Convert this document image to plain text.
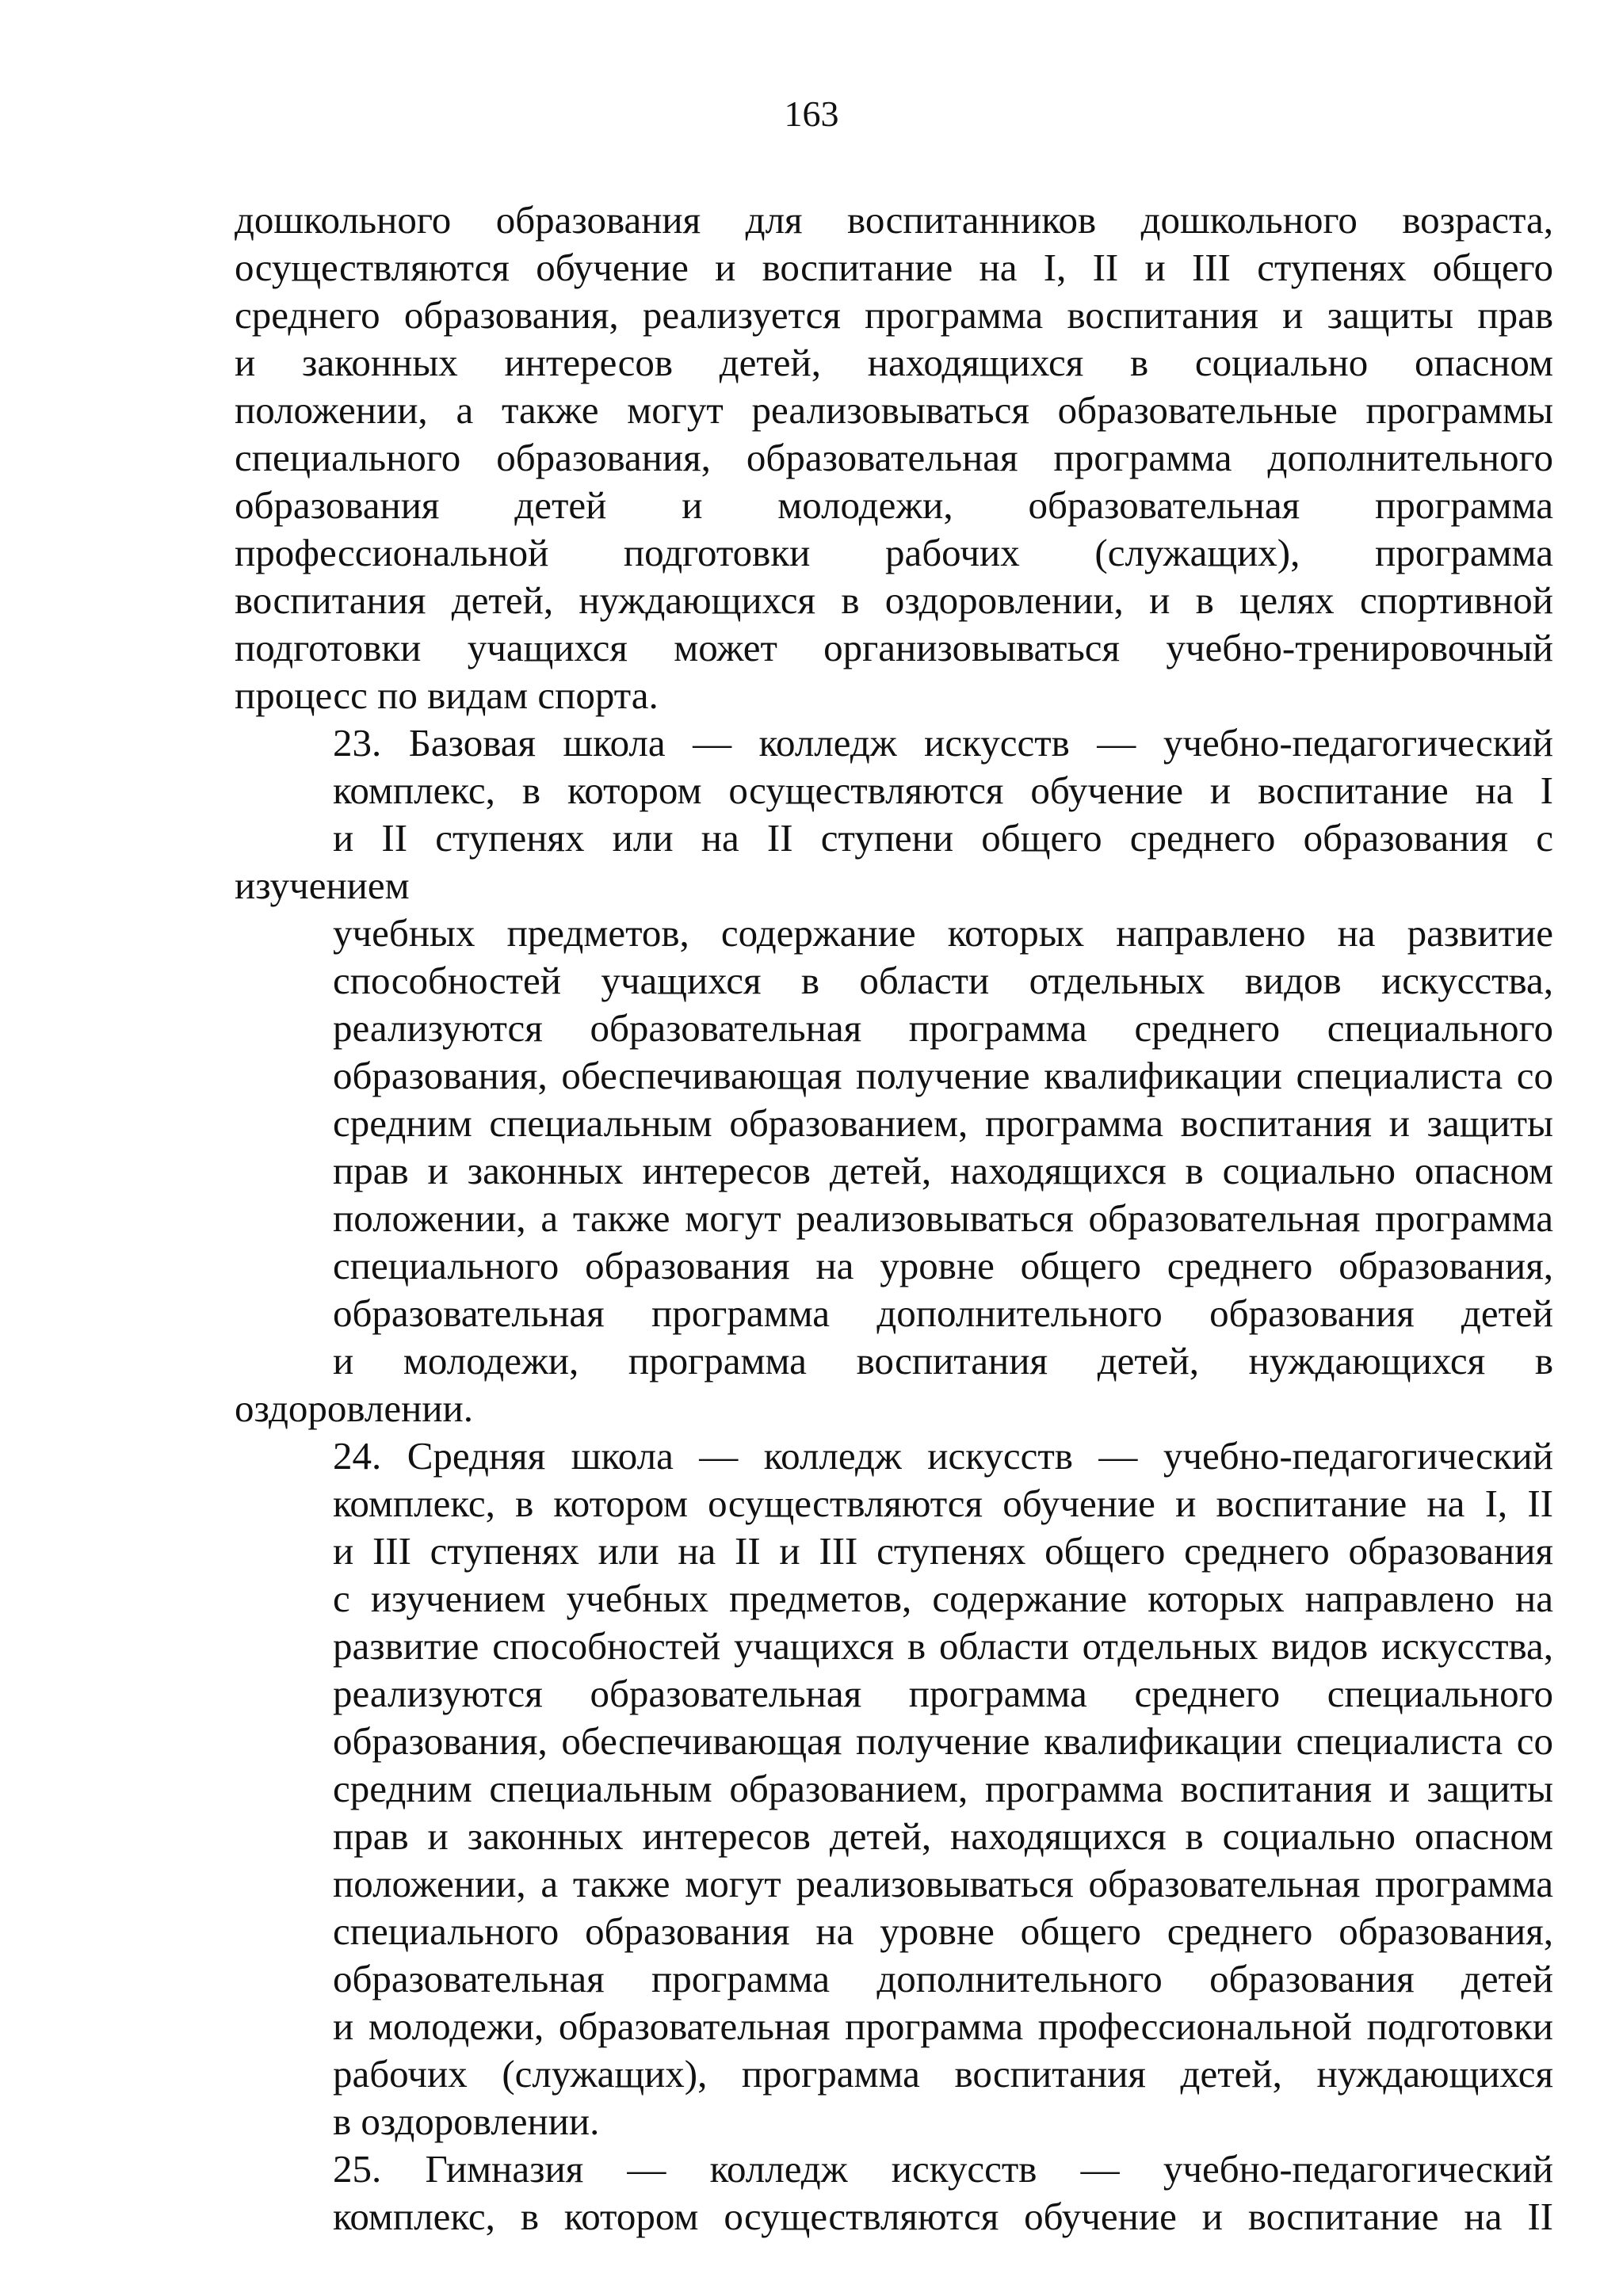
163

дошкольного образования для воспитанников дошкольного возраста,
осуществляются обучение и воспитание на I, II и III ступенях общего
среднего образования, реализуется программа воспитания и защиты прав
и законных интересов детей, находящихся в социально опасном
положении, а также могут реализовываться образовательные программы
специального образования, образовательная программа дополнительного
образования детей и молодежи, образовательная программа
профессиональной подготовки рабочих (служащих), программа
воспитания детей, нуждающихся в оздоровлении, и в целях спортивной
подготовки учащихся может организовываться учебно-тренировочный
процесс по видам спорта.

23. Базовая школа — колледж искусств — учебно-педагогический
комплекс, в котором осуществляются обучение и воспитание на I
и II ступенях или на II ступени общего среднего образования с изучением
учебных предметов, содержание которых направлено на развитие
способностей учащихся в области отдельных видов искусства,
реализуются образовательная программа среднего специального
образования, обеспечивающая получение квалификации специалиста со
средним специальным образованием, программа воспитания и защиты
прав и законных интересов детей, находящихся в социально опасном
положении, а также могут реализовываться образовательная программа
специального образования на уровне общего среднего образования,
образовательная программа дополнительного образования детей
и молодежи, программа воспитания детей, нуждающихся в оздоровлении.

24. Средняя школа — колледж искусств — учебно-педагогический
комплекс, в котором осуществляются обучение и воспитание на I, II
и III ступенях или на II и III ступенях общего среднего образования
с изучением учебных предметов, содержание которых направлено на
развитие способностей учащихся в области отдельных видов искусства,
реализуются образовательная программа среднего специального
образования, обеспечивающая получение квалификации специалиста со
средним специальным образованием, программа воспитания и защиты
прав и законных интересов детей, находящихся в социально опасном
положении, а также могут реализовываться образовательная программа
специального образования на уровне общего среднего образования,
образовательная программа дополнительного образования детей
и молодежи, образовательная программа профессиональной подготовки
рабочих (служащих), программа воспитания детей, нуждающихся
в оздоровлении.

25. Гимназия — колледж искусств — учебно-педагогический
комплекс, в котором осуществляются обучение и воспитание на II
